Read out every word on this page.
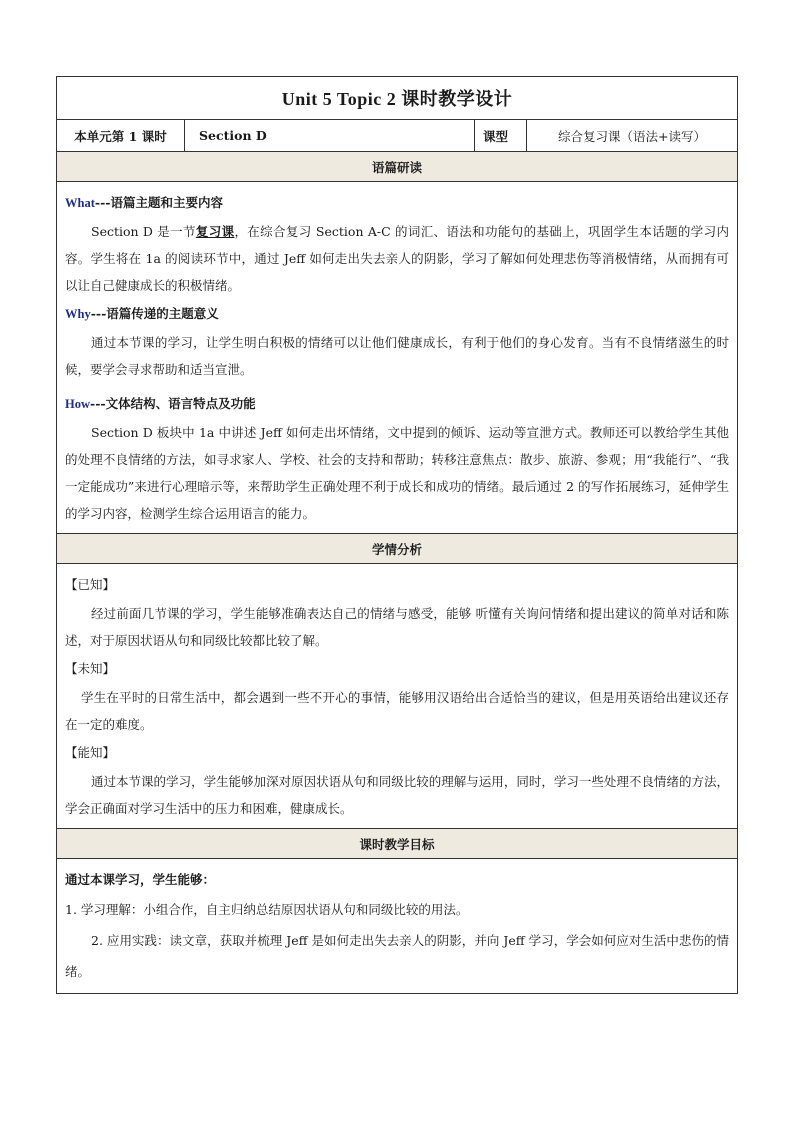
Unit 5 Topic 2 课时教学设计
本单元第 1 课时	Section D	课型	综合复习课（语法+读写）
语篇研读
What---语篇主题和主要内容

Section D 是一节复习课，在综合复习 Section A-C 的词汇、语法和功能句的基础上，巩固学生本话题的学习内容。学生将在 1a 的阅读环节中，通过 Jeff 如何走出失去亲人的阴影，学习了解如何处理悲伤等消极情绪，从而拥有可以让自己健康成长的积极情绪。

Why---语篇传递的主题意义

通过本节课的学习，让学生明白积极的情绪可以让他们健康成长，有利于他们的身心发育。当有不良情绪滋生的时候，要学会寻求帮助和适当宣泄。

How---文体结构、语言特点及功能

Section D 板块中 1a 中讲述 Jeff 如何走出坏情绪，文中提到的倾诉、运动等宣泄方式。教师还可以教给学生其他的处理不良情绪的方法，如寻求家人、学校、社会的支持和帮助；转移注意焦点：散步、旅游、参观；用“我能行”、“我一定能成功”来进行心理暗示等，来帮助学生正确处理不利于成长和成功的情绪。最后通过 2 的写作拓展练习，延伸学生的学习内容，检测学生综合运用语言的能力。

学情分析
【已知】

经过前面几节课的学习，学生能够准确表达自己的情绪与感受，能够 听懂有关询问情绪和提出建议的简单对话和陈述，对于原因状语从句和同级比较都比较了解。

【未知】

学生在平时的日常生活中，都会遇到一些不开心的事情，能够用汉语给出合适恰当的建议，但是用英语给出建议还存在一定的难度。

【能知】

通过本节课的学习，学生能够加深对原因状语从句和同级比较的理解与运用，同时，学习一些处理不良情绪的方法，学会正确面对学习生活中的压力和困难，健康成长。

课时教学目标

通过本课学习，学生能够：

1. 学习理解：小组合作，自主归纳总结原因状语从句和同级比较的用法。

2. 应用实践：读文章，获取并梳理 Jeff 是如何走出失去亲人的阴影，并向 Jeff 学习，学会如何应对生活中悲伤的情绪。
